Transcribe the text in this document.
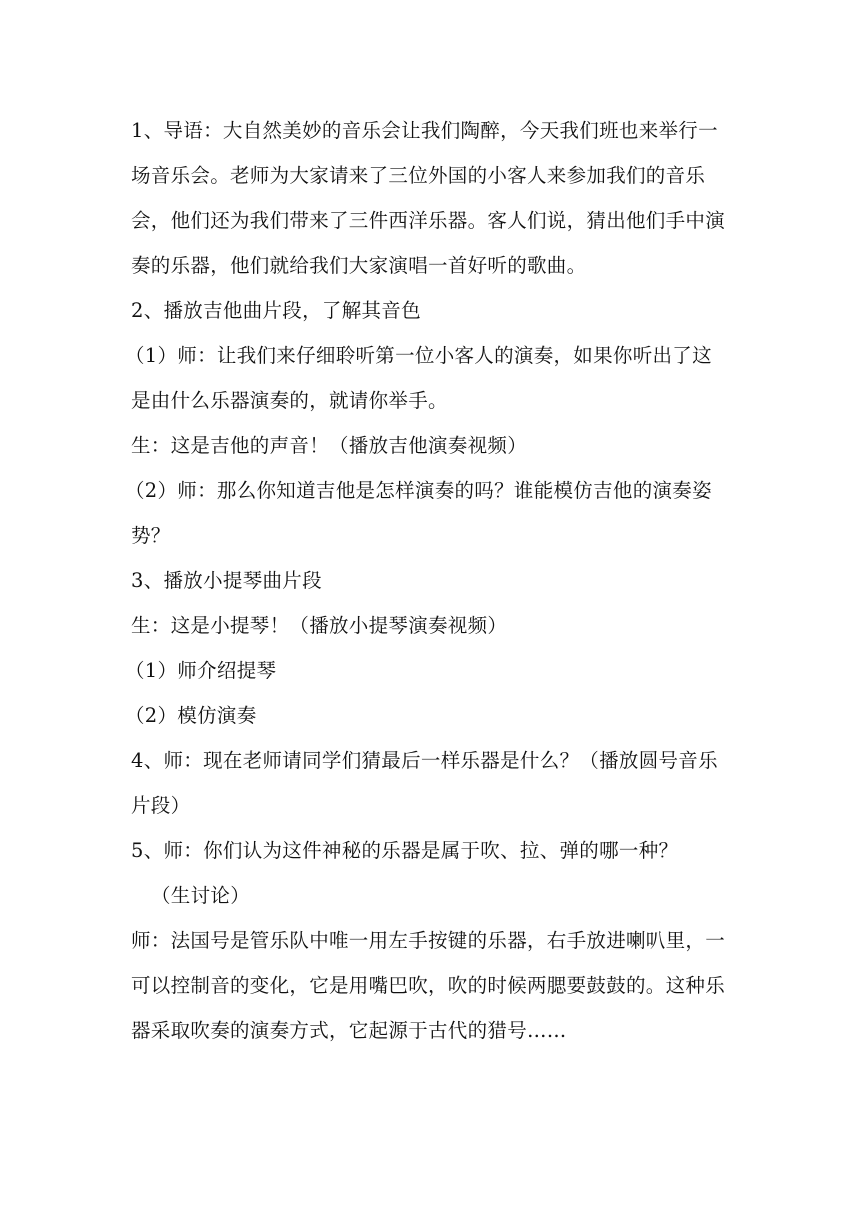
1、导语：大自然美妙的音乐会让我们陶醉，今天我们班也来举行一

场音乐会。老师为大家请来了三位外国的小客人来参加我们的音乐

会，他们还为我们带来了三件西洋乐器。客人们说，猜出他们手中演

奏的乐器，他们就给我们大家演唱一首好听的歌曲。

2、播放吉他曲片段，了解其音色

（1）师：让我们来仔细聆听第一位小客人的演奏，如果你听出了这

是由什么乐器演奏的，就请你举手。

生：这是吉他的声音！（播放吉他演奏视频）

（2）师：那么你知道吉他是怎样演奏的吗？谁能模仿吉他的演奏姿

势？

3、播放小提琴曲片段

生：这是小提琴！（播放小提琴演奏视频）

（1）师介绍提琴

（2）模仿演奏

4、师：现在老师请同学们猜最后一样乐器是什么？（播放圆号音乐

片段）

5、师：你们认为这件神秘的乐器是属于吹、拉、弹的哪一种？

（生讨论）

师：法国号是管乐队中唯一用左手按键的乐器，右手放进喇叭里，一

可以控制音的变化，它是用嘴巴吹，吹的时候两腮要鼓鼓的。这种乐

器采取吹奏的演奏方式，它起源于古代的猎号……
